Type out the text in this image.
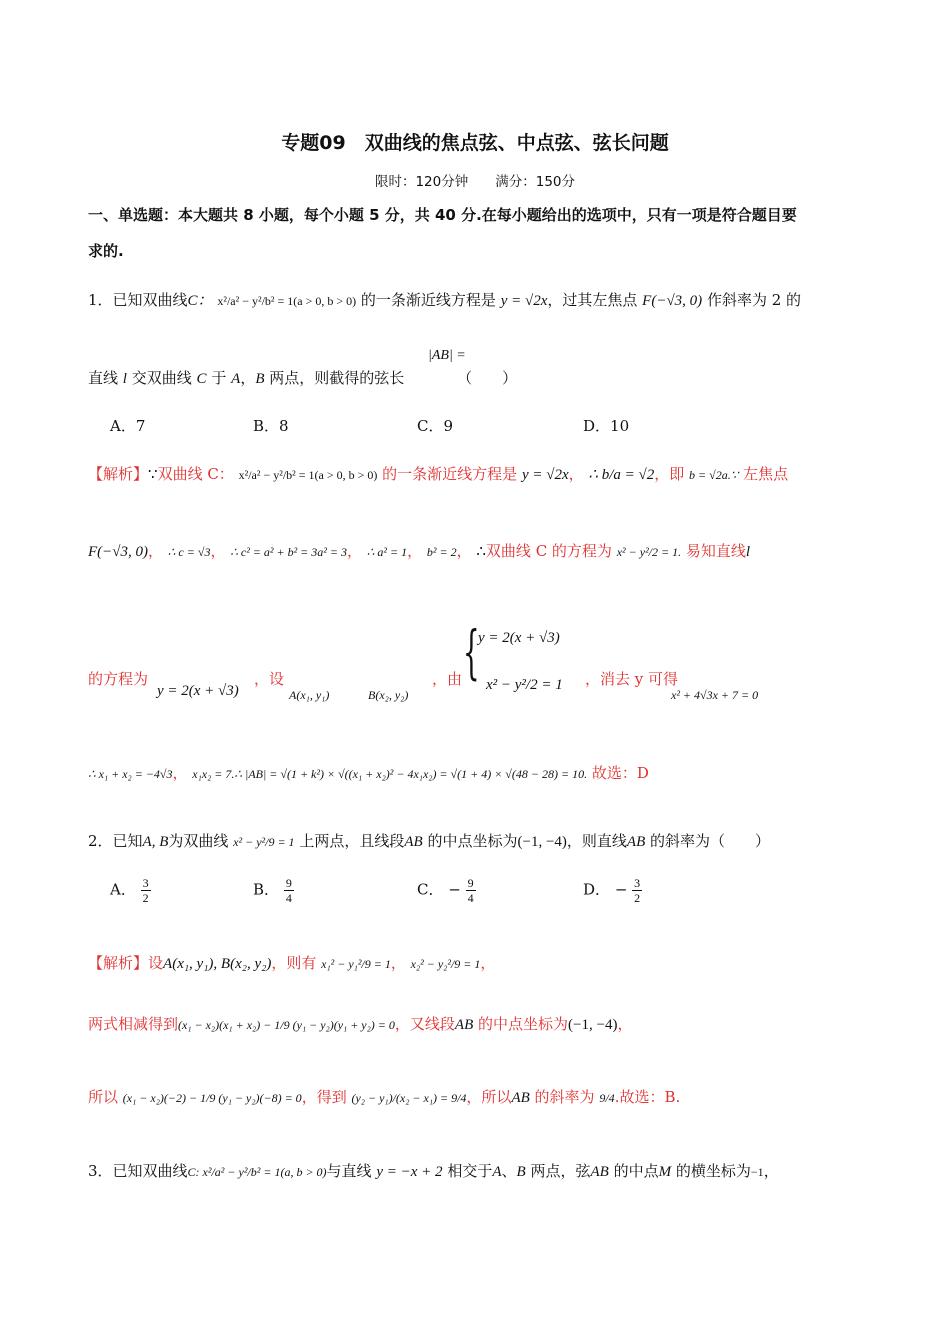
专题09　双曲线的焦点弦、中点弦、弦长问题
限时：120分钟　　满分：150分
一、单选题：本大题共 8 小题，每个小题 5 分，共 40 分.在每小题给出的选项中，只有一项是符合题目要
求的.
1．已知双曲线C： x²/a² − y²/b² = 1(a > 0, b > 0) 的一条渐近线方程是 y = √2x，过其左焦点 F(−√3, 0) 作斜率为 2 的
|AB| =
直线 l 交双曲线 C 于 A，B 两点，则截得的弦长	（　　）
A．7	B．8	C．9	D．10
【解析】∵双曲线 C： x²/a² − y²/b² = 1(a > 0, b > 0) 的一条渐近线方程是 y = √2x， ∴ b/a = √2，即 b = √2a.∵ 左焦点
F(−√3, 0)， ∴ c = √3， ∴ c² = a² + b² = 3a² = 3， ∴ a² = 1， b² = 2， ∴双曲线 C 的方程为 x² − y²/2 = 1. 易知直线l
{
y = 2(x + √3)
x² − y²/2 = 1
的方程为
y = 2(x + √3)
，设
A(x₁, y₁)	B(x₂, y₂)
，由	，消去 y 可得
x² + 4√3x + 7 = 0
∴ x₁ + x₂ = −4√3， x₁x₂ = 7.∴ |AB| = √(1 + k²) × √((x₁ + x₂)² − 4x₁x₂) = √(1 + 4) × √(48 − 28) = 10. 故选：D
2．已知A, B为双曲线 x² − y²/9 = 1 上两点，且线段AB 的中点坐标为(−1, −4)，则直线AB 的斜率为（　　）
A． $\frac{3}{2}$	B． $\frac{9}{4}$	C． − $\frac{9}{4}$	D． − $\frac{3}{2}$
【解析】设A(x₁, y₁), B(x₂, y₂)，则有 x₁² − y₁²/9 = 1， x₂² − y₂²/9 = 1，
两式相减得到(x₁ − x₂)(x₁ + x₂) − 1/9 (y₁ − y₂)(y₁ + y₂) = 0，又线段AB 的中点坐标为(−1, −4)，
所以 (x₁ − x₂)(−2) − 1/9 (y₁ − y₂)(−8) = 0，得到 (y₂ − y₁)/(x₂ − x₁) = 9/4，所以AB 的斜率为 9/4.故选：B.
3．已知双曲线C: x²/a² − y²/b² = 1(a, b > 0)与直线 y = −x + 2 相交于A、B 两点，弦AB 的中点M 的横坐标为−1，
